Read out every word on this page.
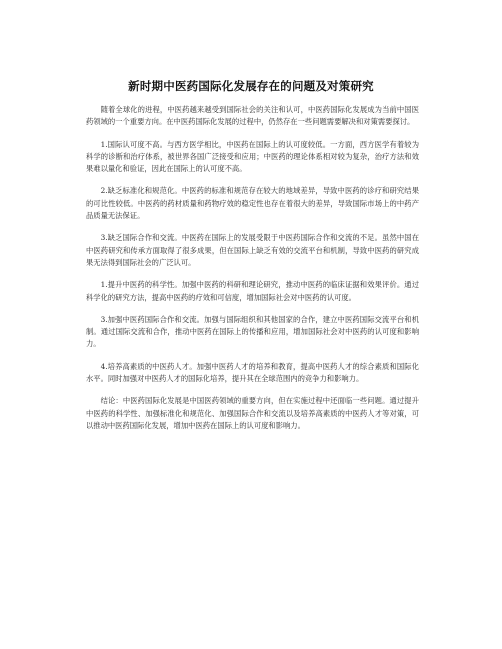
新时期中医药国际化发展存在的问题及对策研究

随着全球化的进程，中医药越来越受到国际社会的关注和认可，中医药国际化发展成为当前中国医药领域的一个重要方向。在中医药国际化发展的过程中，仍然存在一些问题需要解决和对策需要探讨。

1.国际认可度不高。与西方医学相比，中医药在国际上的认可度较低。一方面，西方医学有着较为科学的诊断和治疗体系，被世界各国广泛接受和应用；中医药的理论体系相对较为复杂，治疗方法和效果难以量化和验证，因此在国际上的认可度不高。

2.缺乏标准化和规范化。中医药的标准和规范存在较大的地域差异，导致中医药的诊疗和研究结果的可比性较低。中医药的药材质量和药物疗效的稳定性也存在着很大的差异，导致国际市场上的中药产品质量无法保证。

3.缺乏国际合作和交流。中医药在国际上的发展受限于中医药国际合作和交流的不足。虽然中国在中医药研究和传承方面取得了很多成果，但在国际上缺乏有效的交流平台和机制，导致中医药的研究成果无法得到国际社会的广泛认可。

1.提升中医药的科学性。加强中医药的科研和理论研究，推动中医药的临床证据和效果评价。通过科学化的研究方法，提高中医药的疗效和可信度，增加国际社会对中医药的认可度。

3.加强中医药国际合作和交流。加强与国际组织和其他国家的合作，建立中医药国际交流平台和机制。通过国际交流和合作，推动中医药在国际上的传播和应用，增加国际社会对中医药的认可度和影响力。

4.培养高素质的中医药人才。加强中医药人才的培养和教育，提高中医药人才的综合素质和国际化水平。同时加强对中医药人才的国际化培养，提升其在全球范围内的竞争力和影响力。

结论：中医药国际化发展是中国医药领域的重要方向，但在实施过程中还面临一些问题。通过提升中医药的科学性、加强标准化和规范化、加强国际合作和交流以及培养高素质的中医药人才等对策，可以推动中医药国际化发展，增加中医药在国际上的认可度和影响力。
